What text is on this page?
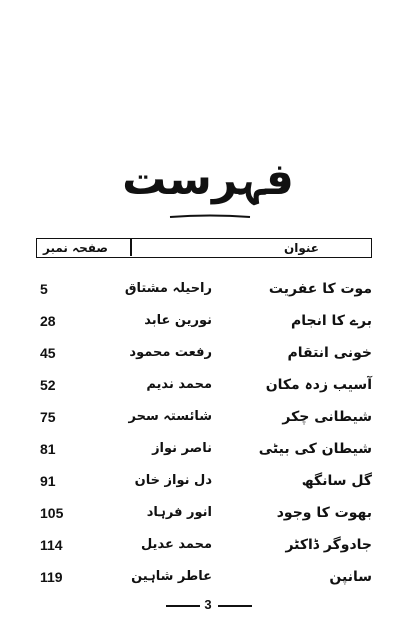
فہرست
عنوان
صفحہ نمبر
موت کا عفریت
راحیلہ مشتاق
5
برے کا انجام
نورین عابد
28
خونی انتقام
رفعت محمود
45
آسیب زدہ مکان
محمد ندیم
52
شیطانی چکر
شائستہ سحر
75
شیطان کی بیٹی
ناصر نواز
81
گل سانگھ
دل نواز خان
91
بھوت کا وجود
انور فرہاد
105
جادوگر ڈاکٹر
محمد عدیل
114
سانپن
عاطر شاہین
119
3
